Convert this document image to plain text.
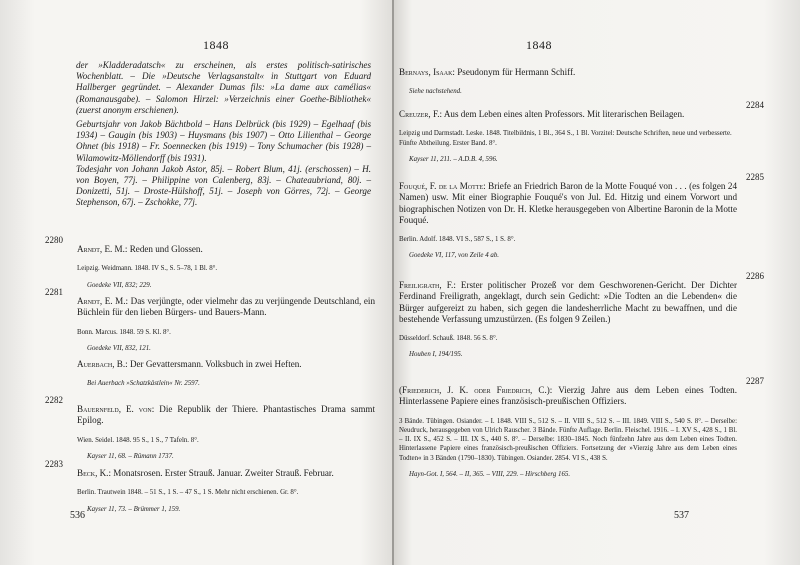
1848

der »Kladderadatsch« zu erscheinen, als erstes politisch-satirisches Wochenblatt. – Die »Deutsche Verlagsanstalt« in Stuttgart von Eduard Hallberger gegründet. – Alexander Dumas fils: »La dame aux camélias« (Romanausgabe). – Salomon Hirzel: »Verzeichnis einer Goethe-Bibliothek« (zuerst anonym erschienen).

Geburtsjahr von Jakob Bächtbold – Hans Delbrück (bis 1929) – Egelhaaf (bis 1934) – Gaugin (bis 1903) – Huysmans (bis 1907) – Otto Lilienthal – George Ohnet (bis 1918) – Fr. Soennecken (bis 1919) – Tony Schumacher (bis 1928) – Wilamowitz-Möllendorff (bis 1931).

Todesjahr von Johann Jakob Astor, 85j. – Robert Blum, 41j. (erschossen) – H. von Boyen, 77j. – Philippine von Calenberg, 83j. – Chateaubriand, 80j. – Donizetti, 51j. – Droste-Hülshoff, 51j. – Joseph von Görres, 72j. – George Stephenson, 67j. – Zschokke, 77j.

2280

Arndt, E. M.: Reden und Glossen.

Leipzig. Weidmann. 1848. IV S., S. 5–78, 1 Bl. 8°.

Goedeke VII, 832; 229.

2281

Arndt, E. M.: Das verjüngte, oder vielmehr das zu verjüngende Deutschland, ein Büchlein für den lieben Bürgers- und Bauers-Mann.

Bonn. Marcus. 1848. 59 S. Kl. 8°.

Goedeke VII, 832, 121.

Auerbach, B.: Der Gevattersmann. Volksbuch in zwei Heften.

Bei Auerbach »Schatzkästlein« Nr. 2597.

2282

Bauernfeld, E. von: Die Republik der Thiere. Phantastisches Drama sammt Epilog.

Wien. Seidel. 1848. 95 S., 1 S., 7 Tafeln. 8°.

Kayser 11, 68. – Rümann 1737.

2283

Beck, K.: Monatsrosen. Erster Strauß. Januar. Zweiter Strauß. Februar.

Berlin. Trautwein 1848. – 51 S., 1 S. – 47 S., 1 S. Mehr nicht erschienen. Gr. 8°.

Kayser 11, 73. – Brümmer 1, 159.

536
1848

Bernays, Isaak: Pseudonym für Hermann Schiff.

Siehe nachstehend.

2284

Creuzer, F.: Aus dem Leben eines alten Professors. Mit literarischen Beilagen.

Leipzig und Darmstadt. Leske. 1848. Titelbildnis, 1 Bl., 364 S., 1 Bl. Vorzitel: Deutsche Schriften, neue und verbesserte. Fünfte Abtheilung. Erster Band. 8°.

Kayser 11, 211. – A.D.B. 4, 596.

2285

Fouqué, F. de la Motte: Briefe an Friedrich Baron de la Motte Fouqué von . . . (es folgen 24 Namen) usw. Mit einer Biographie Fouqué's von Jul. Ed. Hitzig und einem Vorwort und biographischen Notizen von Dr. H. Kletke herausgegeben von Albertine Baronin de la Motte Fouqué.

Berlin. Adolf. 1848. VI S., 587 S., 1 S. 8°.

Goedeke VI, 117, von Zeile 4 ab.

2286

Freiligrath, F.: Erster politischer Prozeß vor dem Geschworenen-Gericht. Der Dichter Ferdinand Freiligrath, angeklagt, durch sein Gedicht: »Die Todten an die Lebenden« die Bürger aufgereizt zu haben, sich gegen die landesherrliche Macht zu bewaffnen, und die bestehende Verfassung umzustürzen. (Es folgen 9 Zeilen.)

Düsseldorf. Schauß. 1848. 56 S. 8°.

Houben I, 194/195.

2287

(Friederich, J. K. oder Friedrich, C.): Vierzig Jahre aus dem Leben eines Todten. Hinterlassene Papiere eines französisch-preußischen Offiziers.

3 Bände. Tübingen. Osiander. – I. 1848. VIII S., 512 S. – II. VIII S., 512 S. – III. 1849. VIII S., 540 S. 8°. – Derselbe: Neudruck, herausgegeben von Ulrich Rauscher. 3 Bände. Fünfte Auflage. Berlin. Fleischel. 1916. – I. XV S., 428 S., 1 Bl. – II. IX S., 452 S. – III. IX S., 440 S. 8°. – Derselbe: 1830–1845. Noch fünfzehn Jahre aus dem Leben eines Todten. Hinterlassene Papiere eines französisch-preußischen Offiziers. Fortsetzung der »Vierzig Jahre aus dem Leben eines Todten« in 3 Bänden (1790–1830). Tübingen. Osiander. 2854. VI S., 438 S.

Hayn-Got. I, 564. – II, 365. – VIII, 229. – Hirschberg 165.

537
